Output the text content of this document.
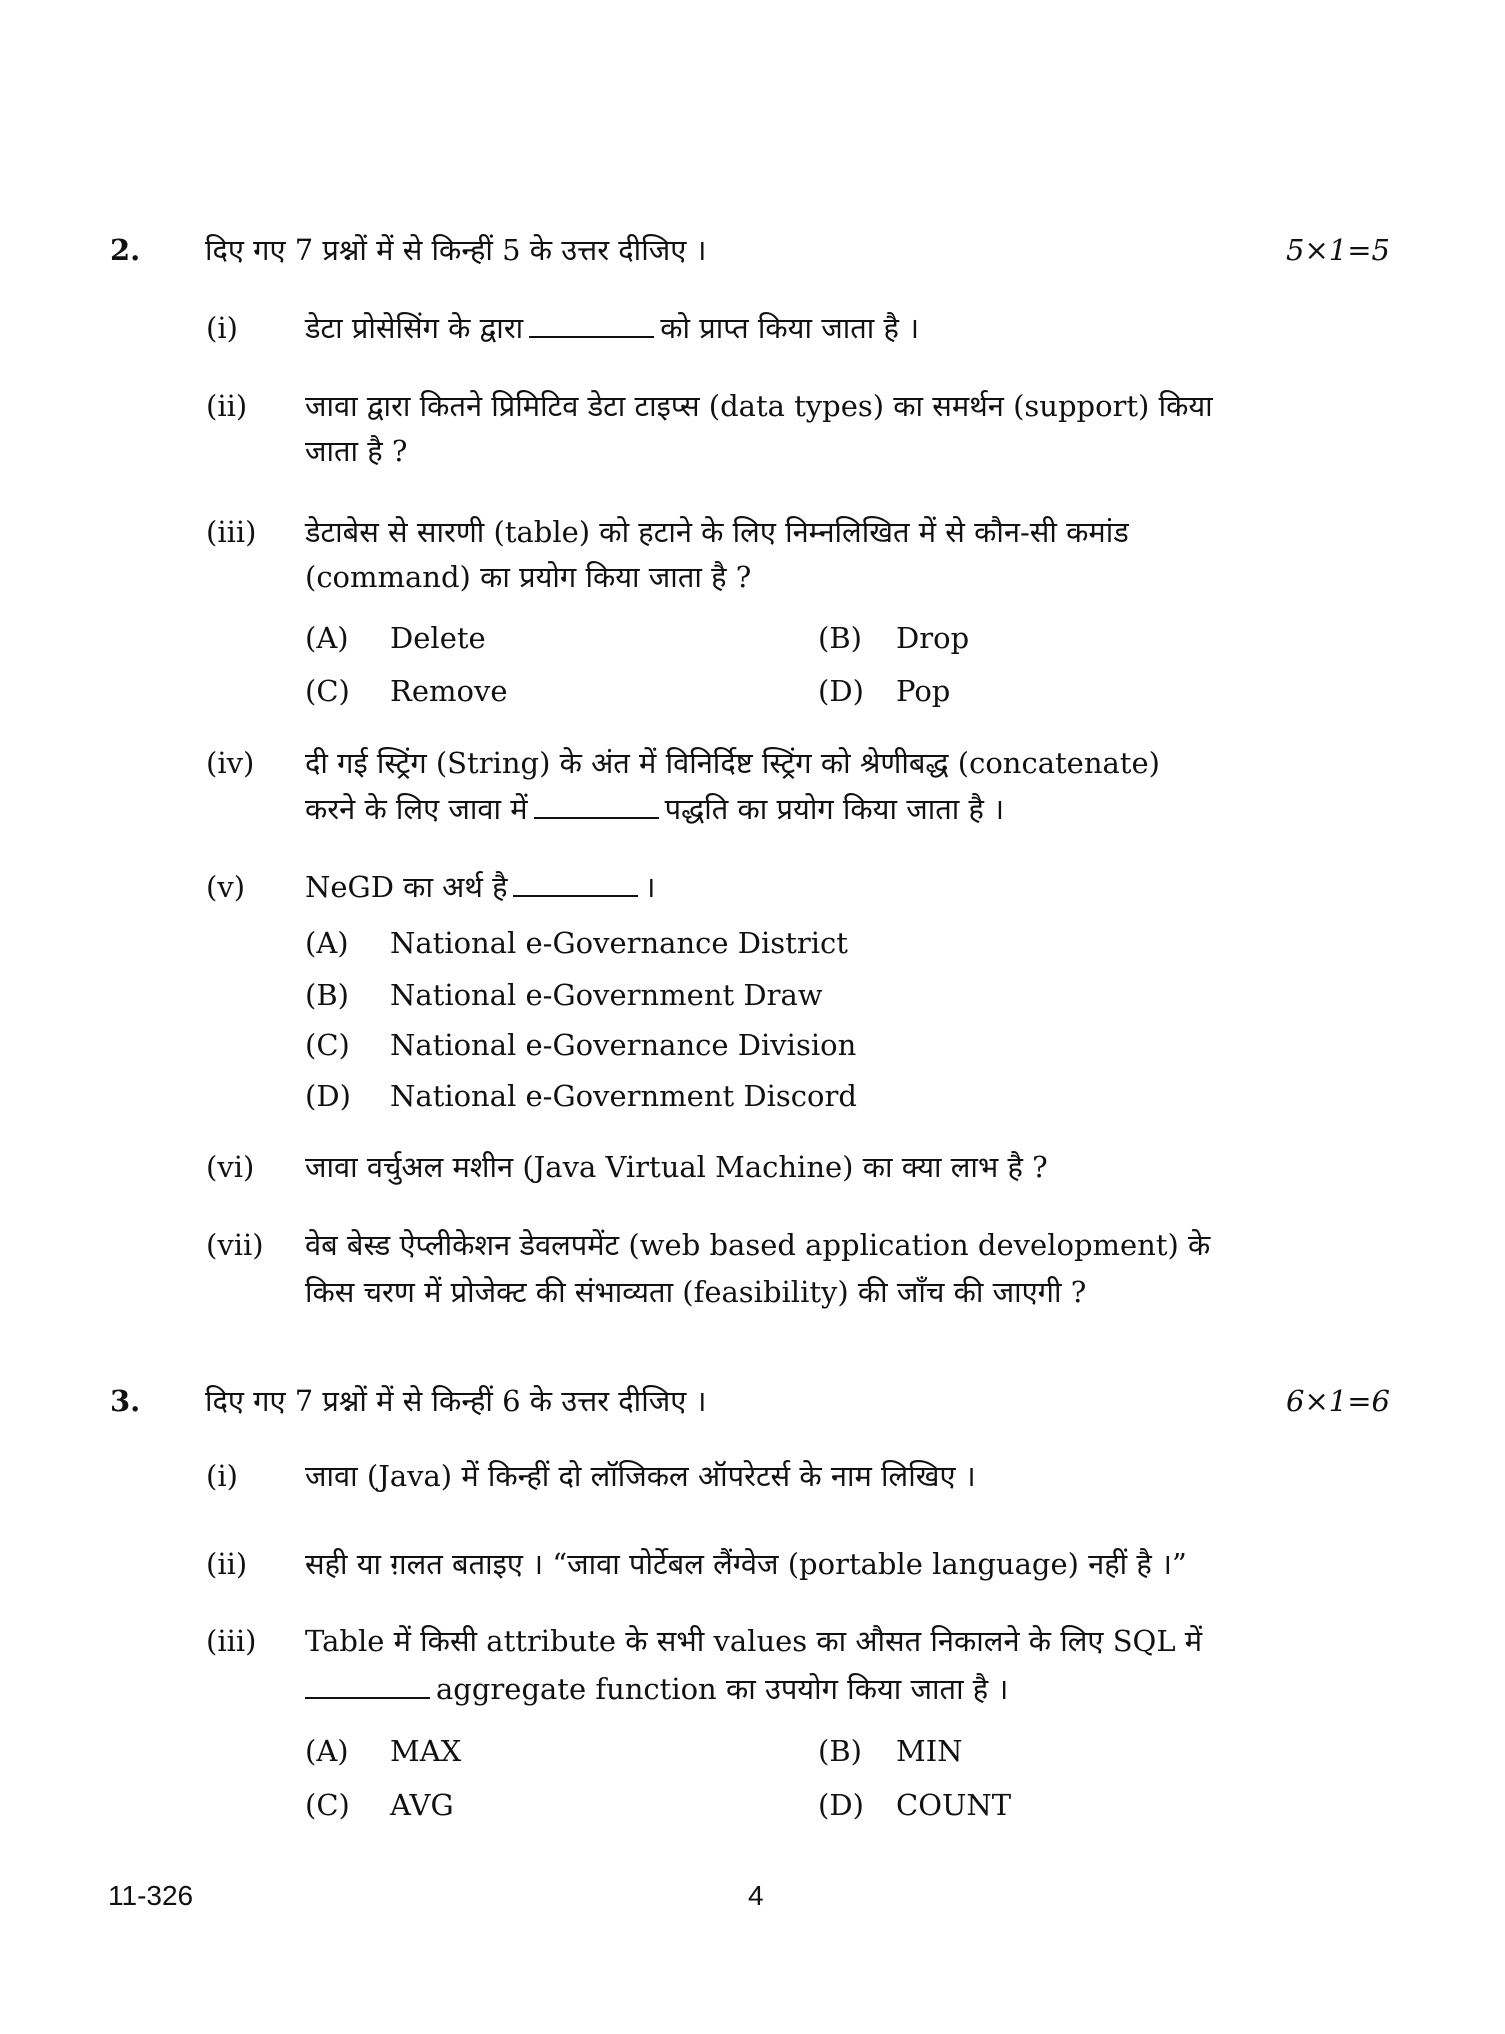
2. दिए गए 7 प्रश्नों में से किन्हीं 5 के उत्तर दीजिए ।	5×1=5
(i) डेटा प्रोसेसिंग के द्वारा	को प्राप्त किया जाता है ।
(ii) जावा द्वारा कितने प्रिमिटिव डेटा टाइप्स (data types) का समर्थन (support) किया
जाता है ?
(iii) डेटाबेस से सारणी (table) को हटाने के लिए निम्नलिखित में से कौन-सी कमांड
(command) का प्रयोग किया जाता है ?
(A) Delete	(B) Drop
(C) Remove	(D) Pop
(iv) दी गई स्ट्रिंग (String) के अंत में विनिर्दिष्ट स्ट्रिंग को श्रेणीबद्ध (concatenate)
करने के लिए जावा में	पद्धति का प्रयोग किया जाता है ।
(v) NeGD का अर्थ है	।
(A) National e-Governance District
(B) National e-Government Draw
(C) National e-Governance Division
(D) National e-Government Discord
(vi) जावा वर्चुअल मशीन (Java Virtual Machine) का क्या लाभ है ?
(vii) वेब बेस्ड ऐप्लीकेशन डेवलपमेंट (web based application development) के
किस चरण में प्रोजेक्ट की संभाव्यता (feasibility) की जाँच की जाएगी ?
3. दिए गए 7 प्रश्नों में से किन्हीं 6 के उत्तर दीजिए ।	6×1=6
(i) जावा (Java) में किन्हीं दो लॉजिकल ऑपरेटर्स के नाम लिखिए ।
(ii) सही या ग़लत बताइए । “जावा पोर्टेबल लैंग्वेज (portable language) नहीं है ।”
(iii) Table में किसी attribute के सभी values का औसत निकालने के लिए SQL में
aggregate function का उपयोग किया जाता है ।
(A) MAX	(B) MIN
(C) AVG	(D) COUNT
11-326	4
